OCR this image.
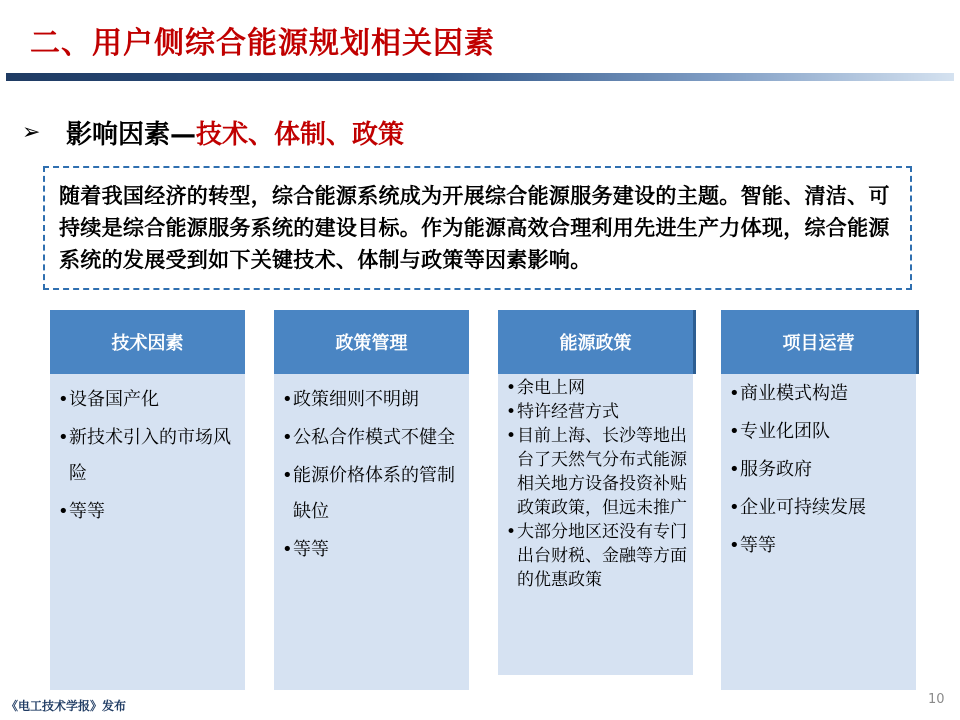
二、用户侧综合能源规划相关因素
➢ 影响因素—技术、体制、政策

随着我国经济的转型，综合能源系统成为开展综合能源服务建设的主题。智能、清洁、可持续是综合能源服务系统的建设目标。作为能源高效合理利用先进生产力体现，综合能源系统的发展受到如下关键技术、体制与政策等因素影响。

技术因素
• 设备国产化
• 新技术引入的市场风险
• 等等
政策管理
• 政策细则不明朗
• 公私合作模式不健全
• 能源价格体系的管制缺位
• 等等
能源政策
• 余电上网
• 特许经营方式
• 目前上海、长沙等地出台了天然气分布式能源相关地方设备投资补贴政策政策，但远未推广
• 大部分地区还没有专门出台财税、金融等方面的优惠政策
项目运营
• 商业模式构造
• 专业化团队
• 服务政府
• 企业可持续发展
• 等等
《电工技术学报》发布	10
